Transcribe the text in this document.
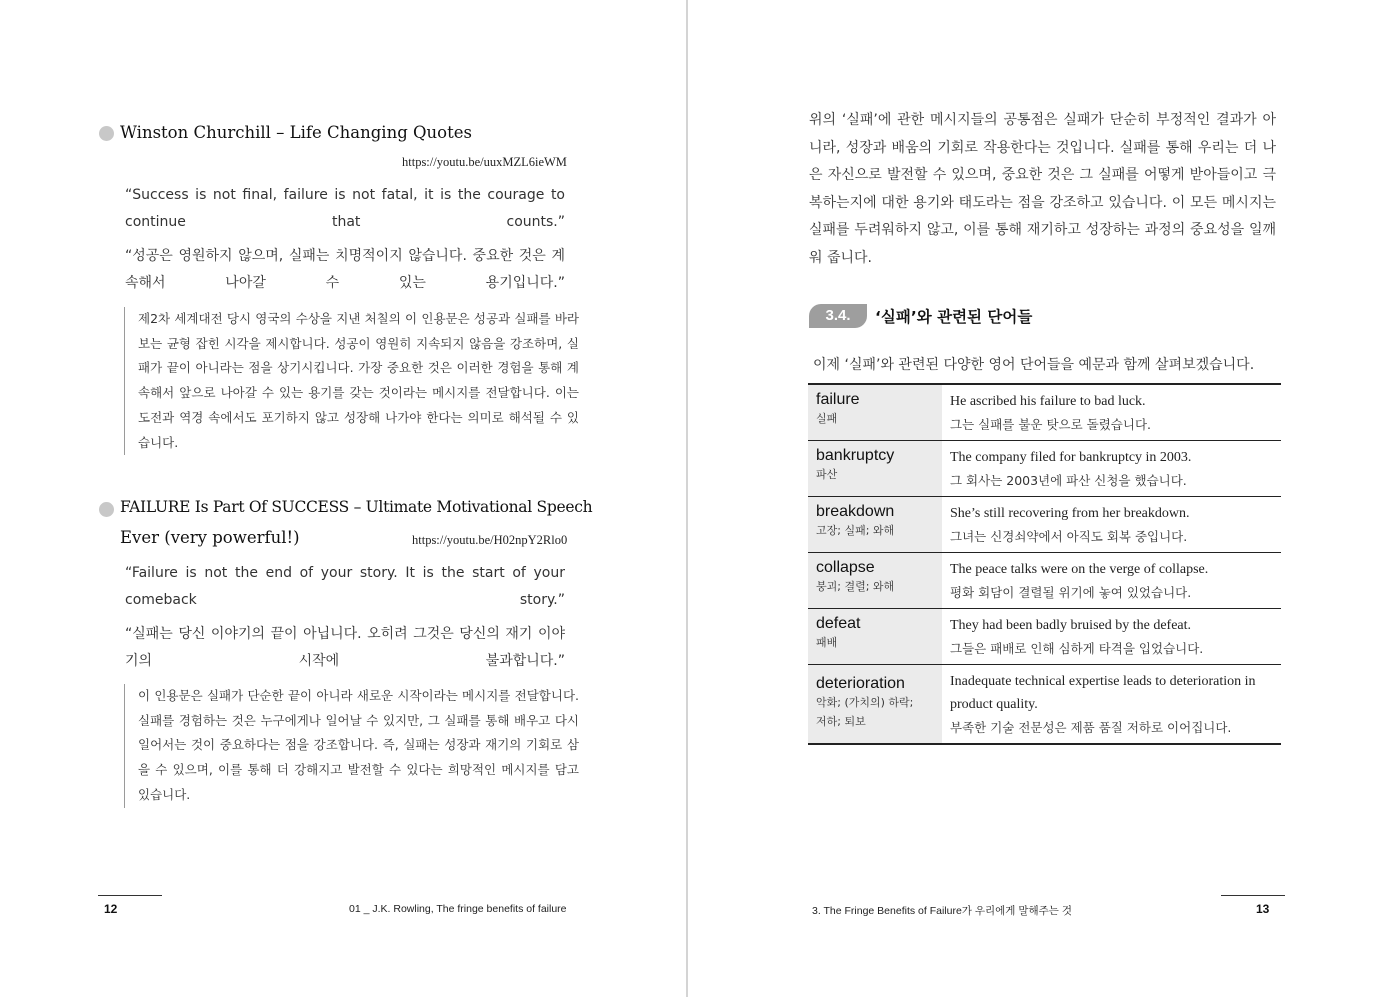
Winston Churchill – Life Changing Quotes
https://youtu.be/uuxMZL6ieWM
“Success is not final, failure is not fatal, it is the courage to continue that counts.”
“성공은 영원하지 않으며, 실패는 치명적이지 않습니다. 중요한 것은 계속해서 나아갈 수 있는 용기입니다.”
제2차 세계대전 당시 영국의 수상을 지낸 처칠의 이 인용문은 성공과 실패를 바라보는 균형 잡힌 시각을 제시합니다. 성공이 영원히 지속되지 않음을 강조하며, 실패가 끝이 아니라는 점을 상기시킵니다. 가장 중요한 것은 이러한 경험을 통해 계속해서 앞으로 나아갈 수 있는 용기를 갖는 것이라는 메시지를 전달합니다. 이는 도전과 역경 속에서도 포기하지 않고 성장해 나가야 한다는 의미로 해석될 수 있습니다.
FAILURE Is Part Of SUCCESS – Ultimate Motivational Speech
Ever (very powerful!)	https://youtu.be/H02npY2Rlo0
“Failure is not the end of your story. It is the start of your comeback story.”
“실패는 당신 이야기의 끝이 아닙니다. 오히려 그것은 당신의 재기 이야기의 시작에 불과합니다.”
이 인용문은 실패가 단순한 끝이 아니라 새로운 시작이라는 메시지를 전달합니다. 실패를 경험하는 것은 누구에게나 일어날 수 있지만, 그 실패를 통해 배우고 다시 일어서는 것이 중요하다는 점을 강조합니다. 즉, 실패는 성장과 재기의 기회로 삼을 수 있으며, 이를 통해 더 강해지고 발전할 수 있다는 희망적인 메시지를 담고 있습니다.
12	01 _ J.K. Rowling, The fringe benefits of failure
위의 ‘실패’에 관한 메시지들의 공통점은 실패가 단순히 부정적인 결과가 아니라, 성장과 배움의 기회로 작용한다는 것입니다. 실패를 통해 우리는 더 나은 자신으로 발전할 수 있으며, 중요한 것은 그 실패를 어떻게 받아들이고 극복하는지에 대한 용기와 태도라는 점을 강조하고 있습니다. 이 모든 메시지는 실패를 두려워하지 않고, 이를 통해 재기하고 성장하는 과정의 중요성을 일깨워 줍니다.
3.4.	‘실패’와 관련된 단어들
이제 ‘실패’와 관련된 다양한 영어 단어들을 예문과 함께 살펴보겠습니다.
failure
실패	He ascribed his failure to bad luck.
그는 실패를 불운 탓으로 돌렸습니다.

bankruptcy
파산	The company filed for bankruptcy in 2003.
그 회사는 2003년에 파산 신청을 했습니다.

breakdown
고장; 실패; 와해	She’s still recovering from her breakdown.
그녀는 신경쇠약에서 아직도 회복 중입니다.

collapse
붕괴; 결렬; 와해	The peace talks were on the verge of collapse.
평화 회담이 결렬될 위기에 놓여 있었습니다.

defeat
패배	They had been badly bruised by the defeat.
그들은 패배로 인해 심하게 타격을 입었습니다.

deterioration
악화; (가치의) 하락;
저하; 퇴보	Inadequate technical expertise leads to deterioration in product quality.
부족한 기술 전문성은 제품 품질 저하로 이어집니다.
3. The Fringe Benefits of Failure가 우리에게 말해주는 것	13
